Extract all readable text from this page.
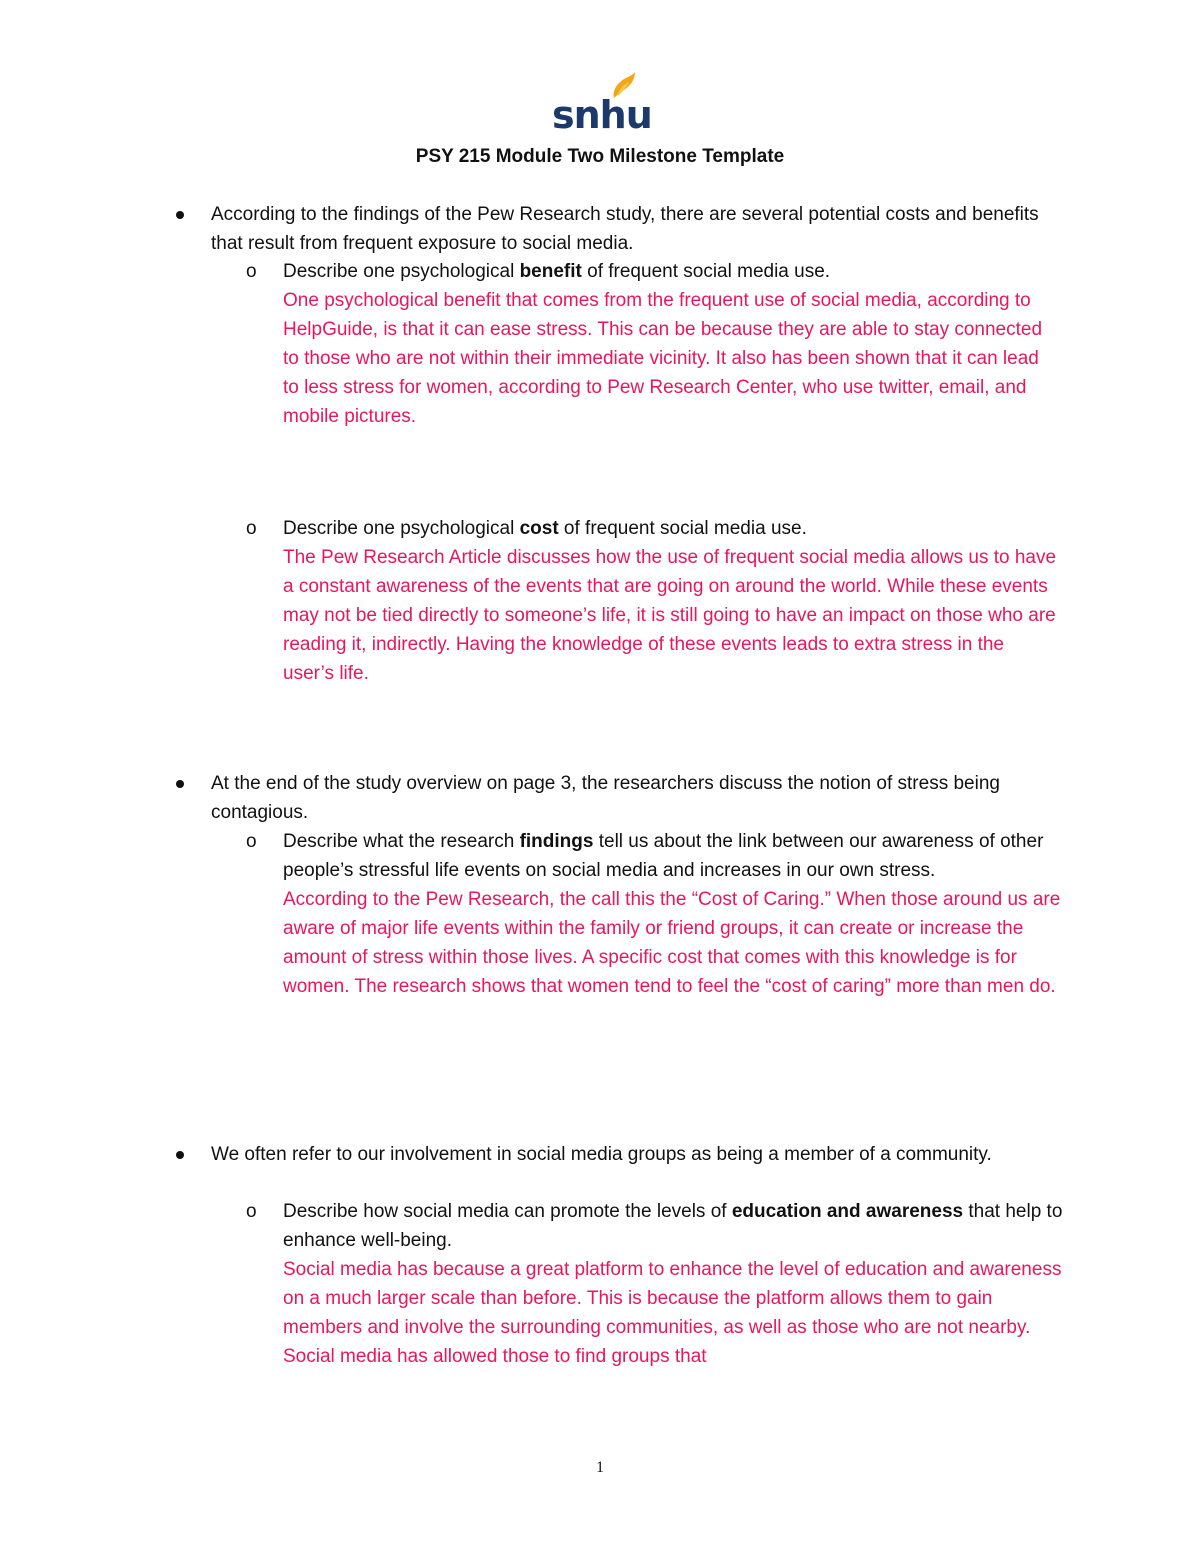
snhu
PSY 215 Module Two Milestone Template
According to the findings of the Pew Research study, there are several potential costs and benefits that result from frequent exposure to social media.
o Describe one psychological benefit of frequent social media use.
One psychological benefit that comes from the frequent use of social media, according to HelpGuide, is that it can ease stress. This can be because they are able to stay connected to those who are not within their immediate vicinity. It also has been shown that it can lead to less stress for women, according to Pew Research Center, who use twitter, email, and mobile pictures.
o Describe one psychological cost of frequent social media use.
The Pew Research Article discusses how the use of frequent social media allows us to have a constant awareness of the events that are going on around the world. While these events may not be tied directly to someone’s life, it is still going to have an impact on those who are reading it, indirectly. Having the knowledge of these events leads to extra stress in the user’s life.
At the end of the study overview on page 3, the researchers discuss the notion of stress being contagious.
o Describe what the research findings tell us about the link between our awareness of other people’s stressful life events on social media and increases in our own stress.
According to the Pew Research, the call this the “Cost of Caring.” When those around us are aware of major life events within the family or friend groups, it can create or increase the amount of stress within those lives. A specific cost that comes with this knowledge is for women. The research shows that women tend to feel the “cost of caring” more than men do.
We often refer to our involvement in social media groups as being a member of a community.
o Describe how social media can promote the levels of education and awareness that help to enhance well-being.
Social media has because a great platform to enhance the level of education and awareness on a much larger scale than before. This is because the platform allows them to gain members and involve the surrounding communities, as well as those who are not nearby. Social media has allowed those to find groups that
1
